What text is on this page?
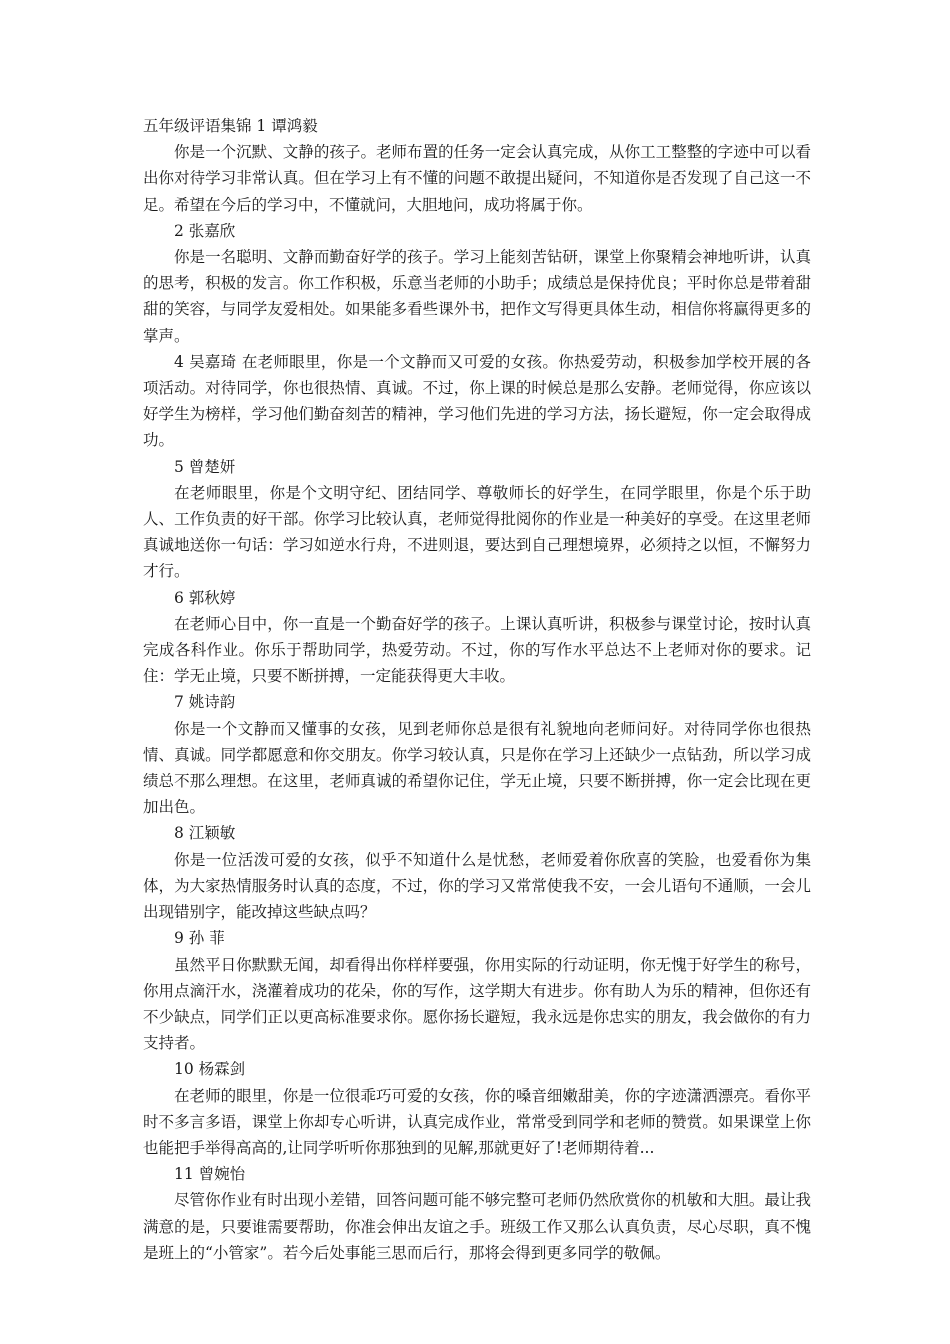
五年级评语集锦 1 谭鸿毅

你是一个沉默、文静的孩子。老师布置的任务一定会认真完成，从你工工整整的字迹中可以看出你对待学习非常认真。但在学习上有不懂的问题不敢提出疑问，不知道你是否发现了自己这一不足。希望在今后的学习中，不懂就问，大胆地问，成功将属于你。

2 张嘉欣

你是一名聪明、文静而勤奋好学的孩子。学习上能刻苦钻研，课堂上你聚精会神地听讲，认真的思考，积极的发言。你工作积极，乐意当老师的小助手；成绩总是保持优良；平时你总是带着甜甜的笑容，与同学友爱相处。如果能多看些课外书，把作文写得更具体生动，相信你将赢得更多的掌声。

4 吴嘉琦 在老师眼里，你是一个文静而又可爱的女孩。你热爱劳动，积极参加学校开展的各项活动。对待同学，你也很热情、真诚。不过，你上课的时候总是那么安静。老师觉得，你应该以好学生为榜样，学习他们勤奋刻苦的精神，学习他们先进的学习方法，扬长避短，你一定会取得成功。

5 曾楚妍

在老师眼里，你是个文明守纪、团结同学、尊敬师长的好学生，在同学眼里，你是个乐于助人、工作负责的好干部。你学习比较认真，老师觉得批阅你的作业是一种美好的享受。在这里老师真诚地送你一句话：学习如逆水行舟，不进则退，要达到自己理想境界，必须持之以恒，不懈努力才行。

6 郭秋婷

在老师心目中，你一直是一个勤奋好学的孩子。上课认真听讲，积极参与课堂讨论，按时认真完成各科作业。你乐于帮助同学，热爱劳动。不过，你的写作水平总达不上老师对你的要求。记住：学无止境，只要不断拼搏，一定能获得更大丰收。

7 姚诗韵

你是一个文静而又懂事的女孩，见到老师你总是很有礼貌地向老师问好。对待同学你也很热情、真诚。同学都愿意和你交朋友。你学习较认真，只是你在学习上还缺少一点钻劲，所以学习成绩总不那么理想。在这里，老师真诚的希望你记住，学无止境，只要不断拼搏，你一定会比现在更加出色。

8 江颖敏

你是一位活泼可爱的女孩，似乎不知道什么是忧愁，老师爱着你欣喜的笑脸，也爱看你为集体，为大家热情服务时认真的态度，不过，你的学习又常常使我不安，一会儿语句不通顺，一会儿出现错别字，能改掉这些缺点吗？

9 孙 菲

虽然平日你默默无闻，却看得出你样样要强，你用实际的行动证明，你无愧于好学生的称号，你用点滴汗水，浇灌着成功的花朵，你的写作，这学期大有进步。你有助人为乐的精神，但你还有不少缺点，同学们正以更高标准要求你。愿你扬长避短，我永远是你忠实的朋友，我会做你的有力支持者。

10 杨霖剑

在老师的眼里，你是一位很乖巧可爱的女孩，你的嗓音细嫩甜美，你的字迹潇洒漂亮。看你平时不多言多语，课堂上你却专心听讲，认真完成作业，常常受到同学和老师的赞赏。如果课堂上你也能把手举得高高的,让同学听听你那独到的见解,那就更好了!老师期待着...

11 曾婉怡

尽管你作业有时出现小差错，回答问题可能不够完整可老师仍然欣赏你的机敏和大胆。最让我满意的是，只要谁需要帮助，你准会伸出友谊之手。班级工作又那么认真负责，尽心尽职，真不愧是班上的“小管家”。若今后处事能三思而后行，那将会得到更多同学的敬佩。
